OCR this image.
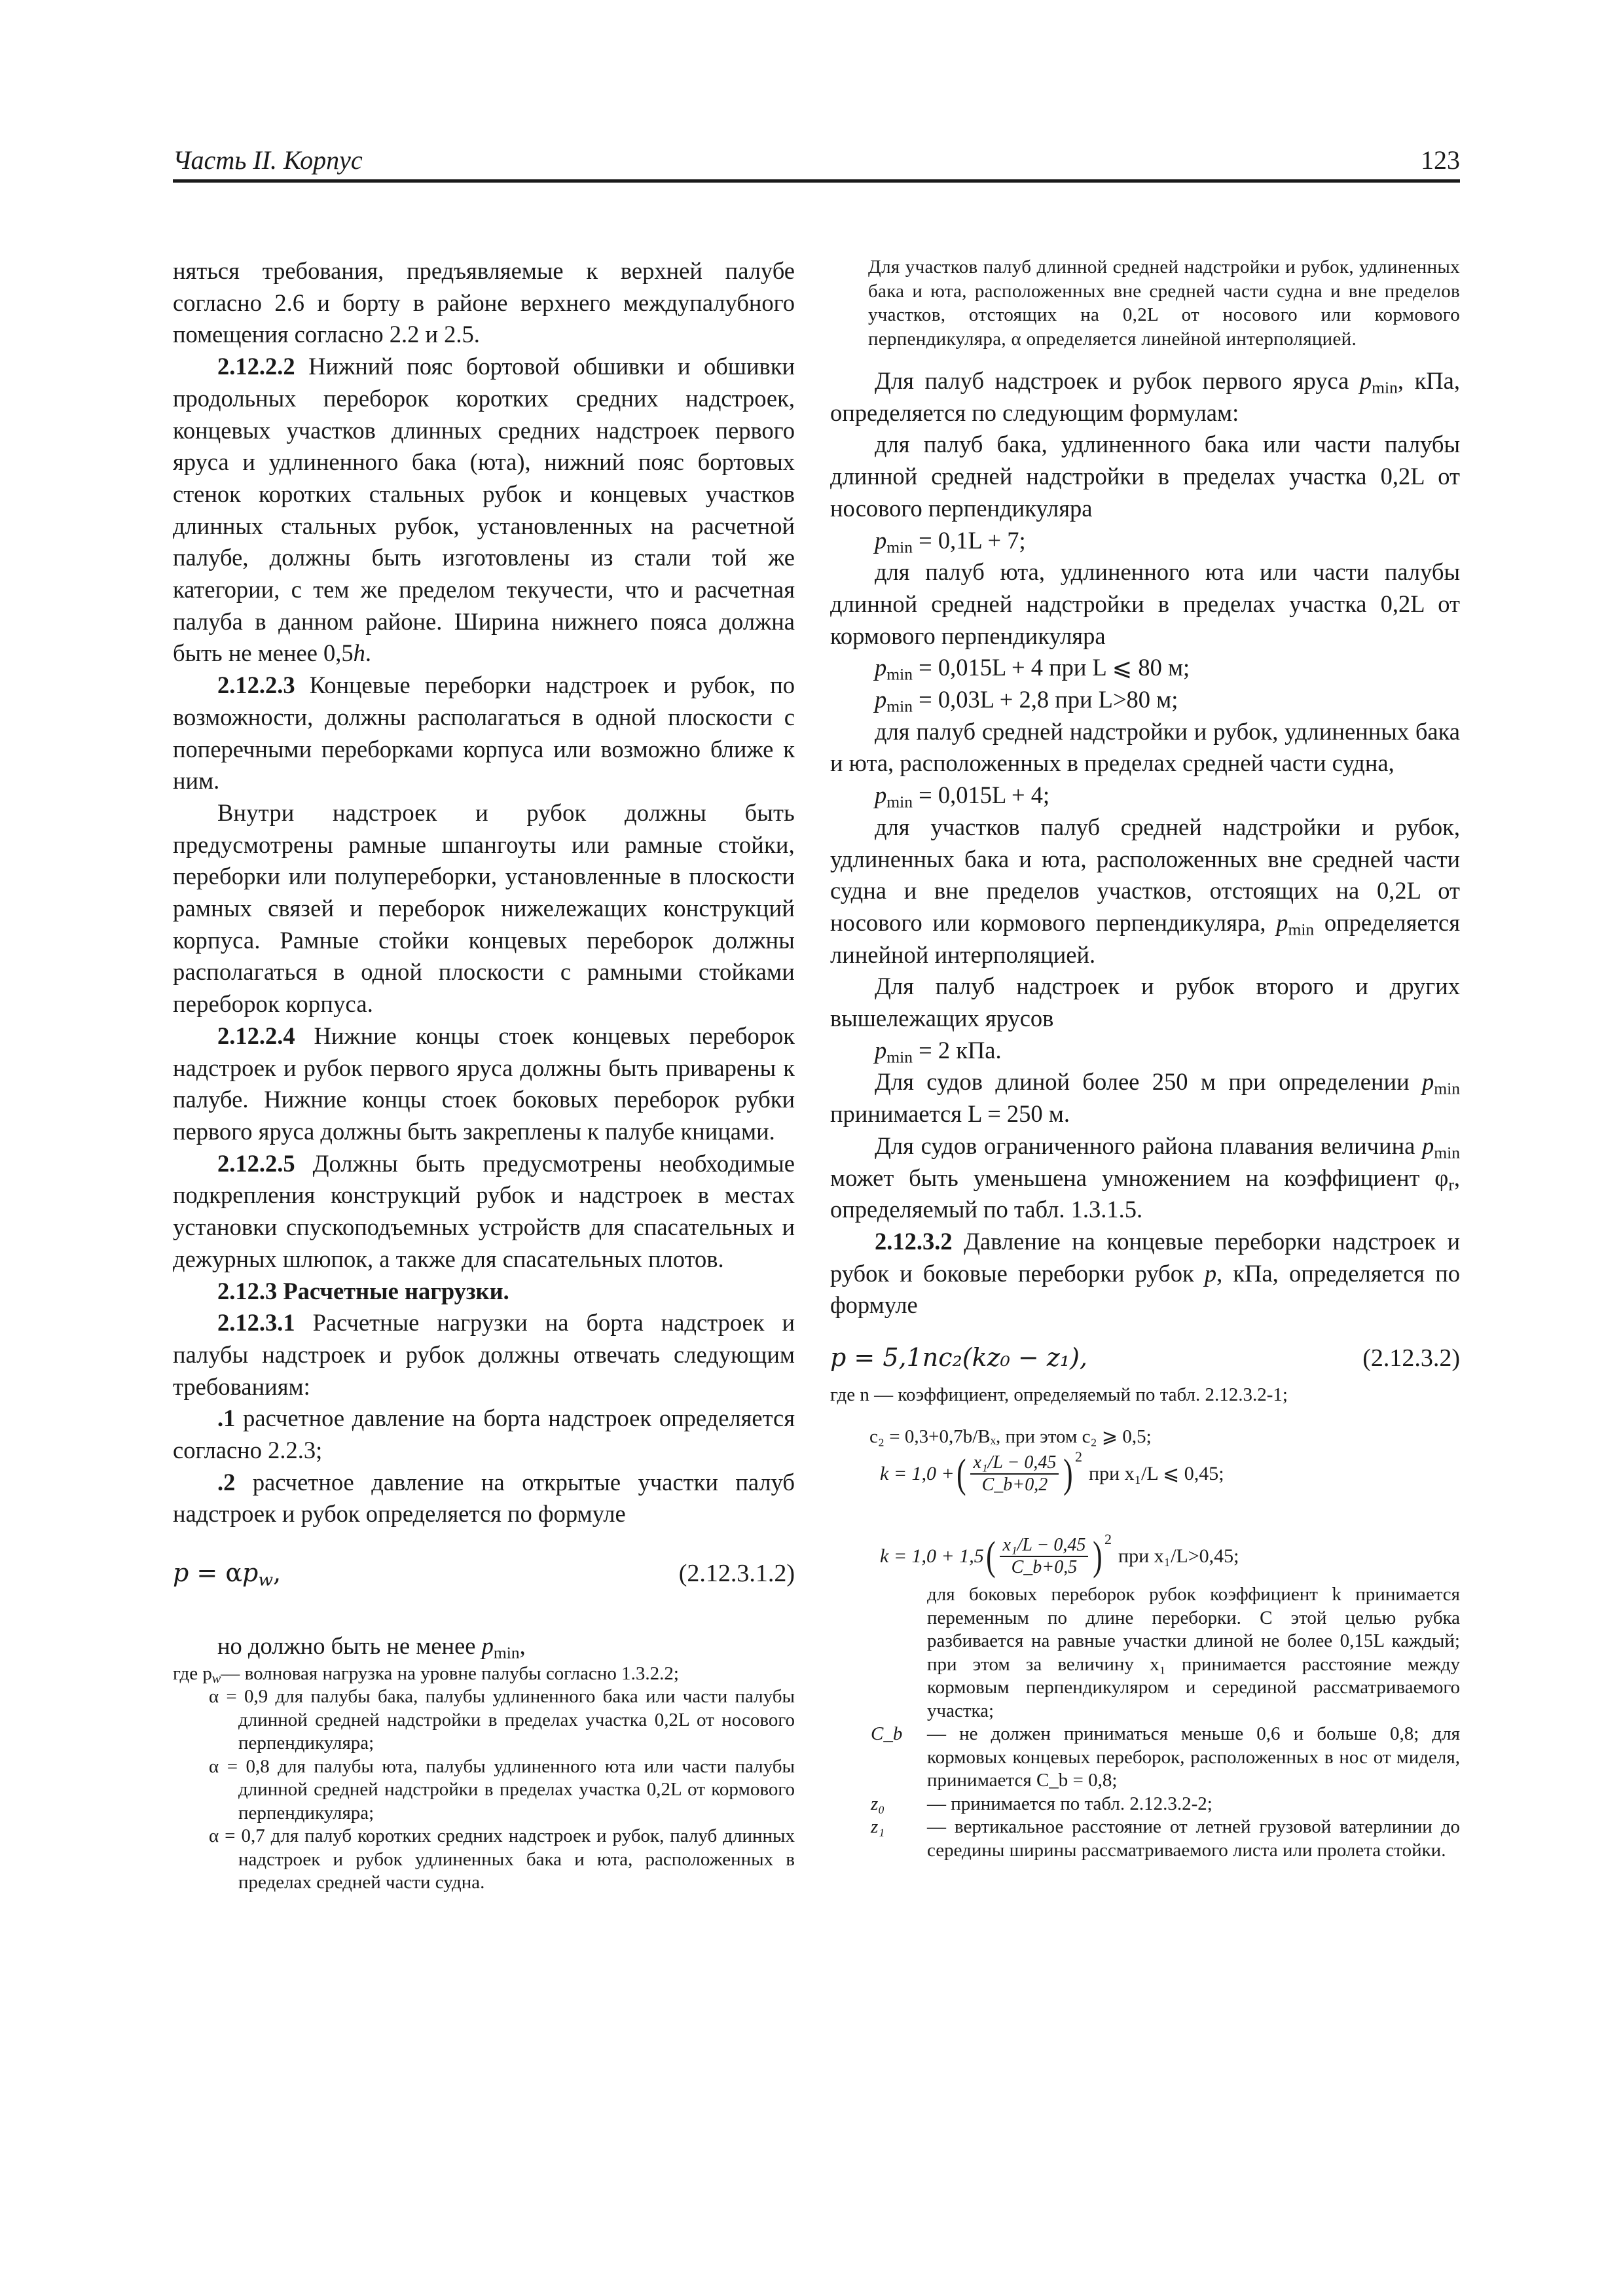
Часть II. Корпус	123

няться требования, предъявляемые к верхней палубе согласно 2.6 и борту в районе верхнего междупалубного помещения согласно 2.2 и 2.5.

2.12.2.2 Нижний пояс бортовой обшивки и обшивки продольных переборок коротких средних надстроек, концевых участков длинных средних надстроек первого яруса и удлиненного бака (юта), нижний пояс бортовых стенок коротких стальных рубок и концевых участков длинных стальных рубок, установленных на расчетной палубе, должны быть изготовлены из стали той же категории, с тем же пределом текучести, что и расчетная палуба в данном районе. Ширина нижнего пояса должна быть не менее 0,5h.

2.12.2.3 Концевые переборки надстроек и рубок, по возможности, должны располагаться в одной плоскости с поперечными переборками корпуса или возможно ближе к ним.

Внутри надстроек и рубок должны быть предусмотрены рамные шпангоуты или рамные стойки, переборки или полупереборки, установленные в плоскости рамных связей и переборок нижележащих конструкций корпуса. Рамные стойки концевых переборок должны располагаться в одной плоскости с рамными стойками переборок корпуса.

2.12.2.4 Нижние концы стоек концевых переборок надстроек и рубок первого яруса должны быть приварены к палубе. Нижние концы стоек боковых переборок рубки первого яруса должны быть закреплены к палубе кницами.

2.12.2.5 Должны быть предусмотрены необходимые подкрепления конструкций рубок и надстроек в местах установки спускоподъемных устройств для спасательных и дежурных шлюпок, а также для спасательных плотов.

2.12.3 Расчетные нагрузки.

2.12.3.1 Расчетные нагрузки на борта надстроек и палубы надстроек и рубок должны отвечать следующим требованиям:

.1 расчетное давление на борта надстроек определяется согласно 2.2.3;

.2 расчетное давление на открытые участки палуб надстроек и рубок определяется по формуле

$p = \alpha p_w$,	(2.12.3.1.2)

но должно быть не менее $p_{min}$,

где $p_w$ — волновая нагрузка на уровне палубы согласно 1.3.2.2;
α = 0,9 для палубы бака, палубы удлиненного бака или части палубы длинной средней надстройки в пределах участка 0,2L от носового перпендикуляра;
α = 0,8 для палубы юта, палубы удлиненного юта или части палубы длинной средней надстройки в пределах участка 0,2L от кормового перпендикуляра;
α = 0,7 для палуб коротких средних надстроек и рубок, палуб длинных надстроек и рубок удлиненных бака и юта, расположенных в пределах средней части судна.
Для участков палуб длинной средней надстройки и рубок, удлиненных бака и юта, расположенных вне средней части судна и вне пределов участков, отстоящих на 0,2L от носового или кормового перпендикуляра, α определяется линейной интерполяцией.

Для палуб надстроек и рубок первого яруса $p_{min}$, кПа, определяется по следующим формулам:

для палуб бака, удлиненного бака или части палубы длинной средней надстройки в пределах участка 0,2L от носового перпендикуляра

$p_{min} = 0,1L + 7$;

для палуб юта, удлиненного юта или части палубы длинной средней надстройки в пределах участка 0,2L от кормового перпендикуляра

$p_{min} = 0,015L + 4$ при L ⩽ 80 м;

$p_{min} = 0,03L + 2,8$ при L>80 м;

для палуб средней надстройки и рубок, удлиненных бака и юта, расположенных в пределах средней части судна,

$p_{min} = 0,015L + 4$;

для участков палуб средней надстройки и рубок, удлиненных бака и юта, расположенных вне средней части судна и вне пределов участков, отстоящих на 0,2L от носового или кормового перпендикуляра, $p_{min}$ определяется линейной интерполяцией.

Для палуб надстроек и рубок второго и других вышележащих ярусов

$p_{min} = 2$ кПа.

Для судов длиной более 250 м при определении $p_{min}$ принимается L = 250 м.

Для судов ограниченного района плавания величина $p_{min}$ может быть уменьшена умножением на коэффициент $\varphi_r$, определяемый по табл. 1.3.1.5.

2.12.3.2 Давление на концевые переборки надстроек и рубок и боковые переборки рубок p, кПа, определяется по формуле

p = 5,1nc₂(kz₀ − z₁),	(2.12.3.2)
где n — коэффициент, определяемый по табл. 2.12.3.2-1;
c₂ = 0,3+0,7b/Bₓ, при этом c₂ ⩾ 0,5;
k = 1,0 + ( $\frac{\text{x₁/L − 0,45}}{C\_b+0,2}$ ) 2
при x₁/L ⩽ 0,45;
k = 1,0 + 1,5 ( $\frac{\text{x₁/L − 0,45}}{C\_b+0,5}$ ) 2
при x₁/L>0,45;
для боковых переборок рубок коэффициент k принимается переменным по длине переборки. С этой целью рубка разбивается на равные участки длиной не более 0,15L каждый; при этом за величину x₁ принимается расстояние между кормовым перпендикуляром и серединой рассматриваемого участка;
C_b	— не должен приниматься меньше 0,6 и больше 0,8; для кормовых концевых переборок, расположенных в нос от миделя, принимается C_b = 0,8;
z₀	— принимается по табл. 2.12.3.2-2;
z₁	— вертикальное расстояние от летней грузовой ватерлинии до середины ширины рассматриваемого листа или пролета стойки.
